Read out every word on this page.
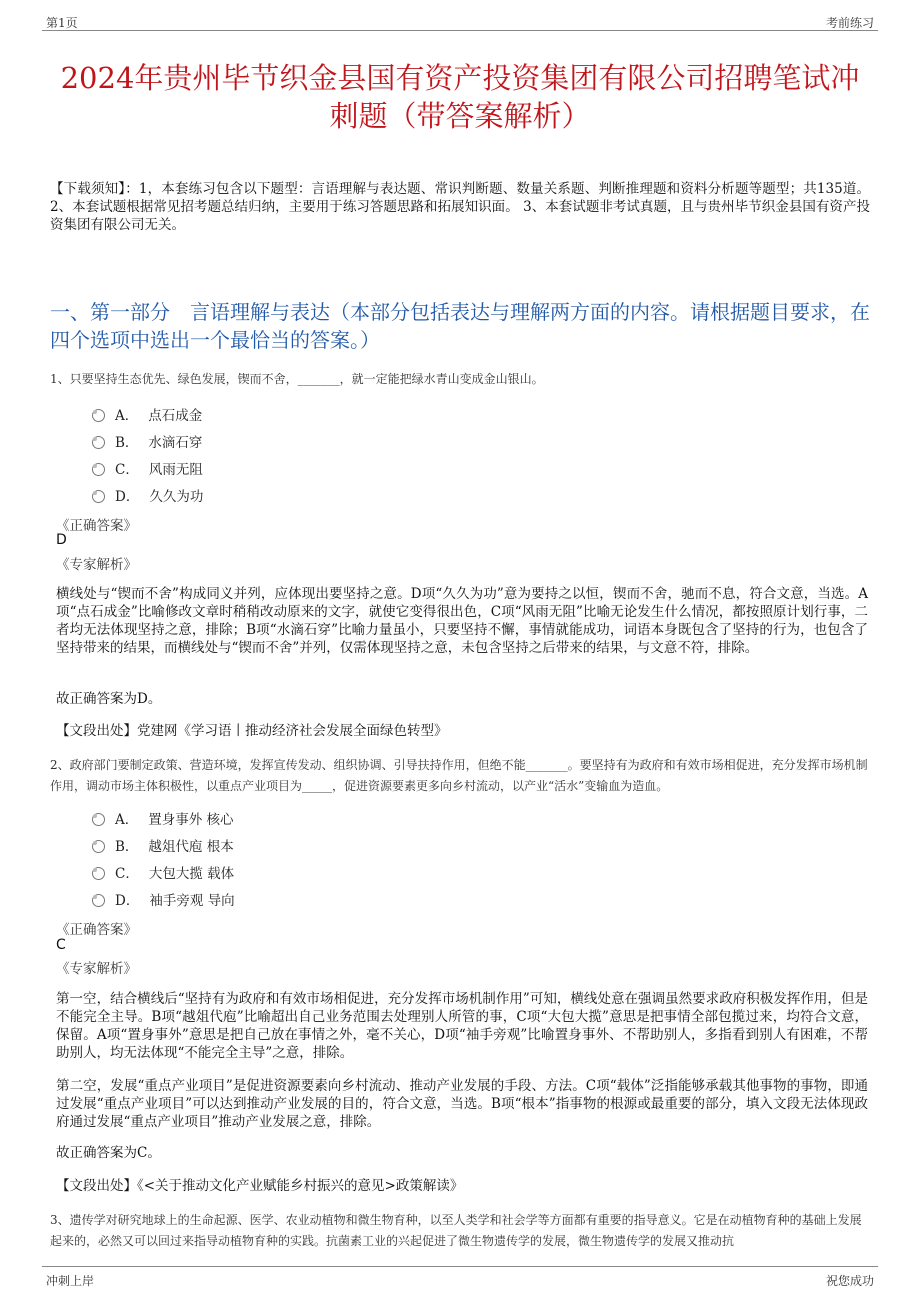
第1页	考前练习
2024年贵州毕节织金县国有资产投资集团有限公司招聘笔试冲刺题（带答案解析）
【下载须知】：1，本套练习包含以下题型：言语理解与表达题、常识判断题、数量关系题、判断推理题和资料分析题等题型；共135道。 2、本套试题根据常见招考题总结归纳，主要用于练习答题思路和拓展知识面。 3、本套试题非考试真题，且与贵州毕节织金县国有资产投资集团有限公司无关。
一、第一部分 言语理解与表达（本部分包括表达与理解两方面的内容。请根据题目要求，在四个选项中选出一个最恰当的答案。）
1、只要坚持生态优先、绿色发展，锲而不舍，_______，就一定能把绿水青山变成金山银山。
A． 点石成金
B． 水滴石穿
C． 风雨无阻
D． 久久为功
《正确答案》
D
《专家解析》
横线处与“锲而不舍”构成同义并列，应体现出要坚持之意。D项“久久为功”意为要持之以恒，锲而不舍，驰而不息，符合文意，当选。A项“点石成金”比喻修改文章时稍稍改动原来的文字，就使它变得很出色，C项“风雨无阻”比喻无论发生什么情况，都按照原计划行事，二者均无法体现坚持之意，排除；B项“水滴石穿”比喻力量虽小，只要坚持不懈，事情就能成功，词语本身既包含了坚持的行为，也包含了坚持带来的结果，而横线处与“锲而不舍”并列，仅需体现坚持之意，未包含坚持之后带来的结果，与文意不符，排除。
故正确答案为D。
【文段出处】党建网《学习语丨推动经济社会发展全面绿色转型》
2、政府部门要制定政策、营造环境，发挥宣传发动、组织协调、引导扶持作用，但绝不能_______。要坚持有为政府和有效市场相促进，充分发挥市场机制作用，调动市场主体积极性，以重点产业项目为_____，促进资源要素更多向乡村流动，以产业“活水”变输血为造血。
A． 置身事外 核心
B． 越俎代庖 根本
C． 大包大揽 载体
D． 袖手旁观 导向
《正确答案》
C
《专家解析》
第一空，结合横线后“坚持有为政府和有效市场相促进，充分发挥市场机制作用”可知，横线处意在强调虽然要求政府积极发挥作用，但是不能完全主导。B项“越俎代庖”比喻超出自己业务范围去处理别人所管的事，C项“大包大揽”意思是把事情全部包揽过来，均符合文意，保留。A项“置身事外”意思是把自己放在事情之外，毫不关心，D项“袖手旁观”比喻置身事外、不帮助别人，多指看到别人有困难，不帮助别人，均无法体现“不能完全主导”之意，排除。
第二空，发展“重点产业项目”是促进资源要素向乡村流动、推动产业发展的手段、方法。C项“载体”泛指能够承载其他事物的事物，即通过发展“重点产业项目”可以达到推动产业发展的目的，符合文意，当选。B项“根本”指事物的根源或最重要的部分，填入文段无法体现政府通过发展“重点产业项目”推动产业发展之意，排除。
故正确答案为C。
【文段出处】《<关于推动文化产业赋能乡村振兴的意见>政策解读》
3、遗传学对研究地球上的生命起源、医学、农业动植物和微生物育种，以至人类学和社会学等方面都有重要的指导意义。它是在动植物育种的基础上发展起来的，必然又可以回过来指导动植物育种的实践。抗菌素工业的兴起促进了微生物遗传学的发展，微生物遗传学的发展又推动抗
冲刺上岸	祝您成功
